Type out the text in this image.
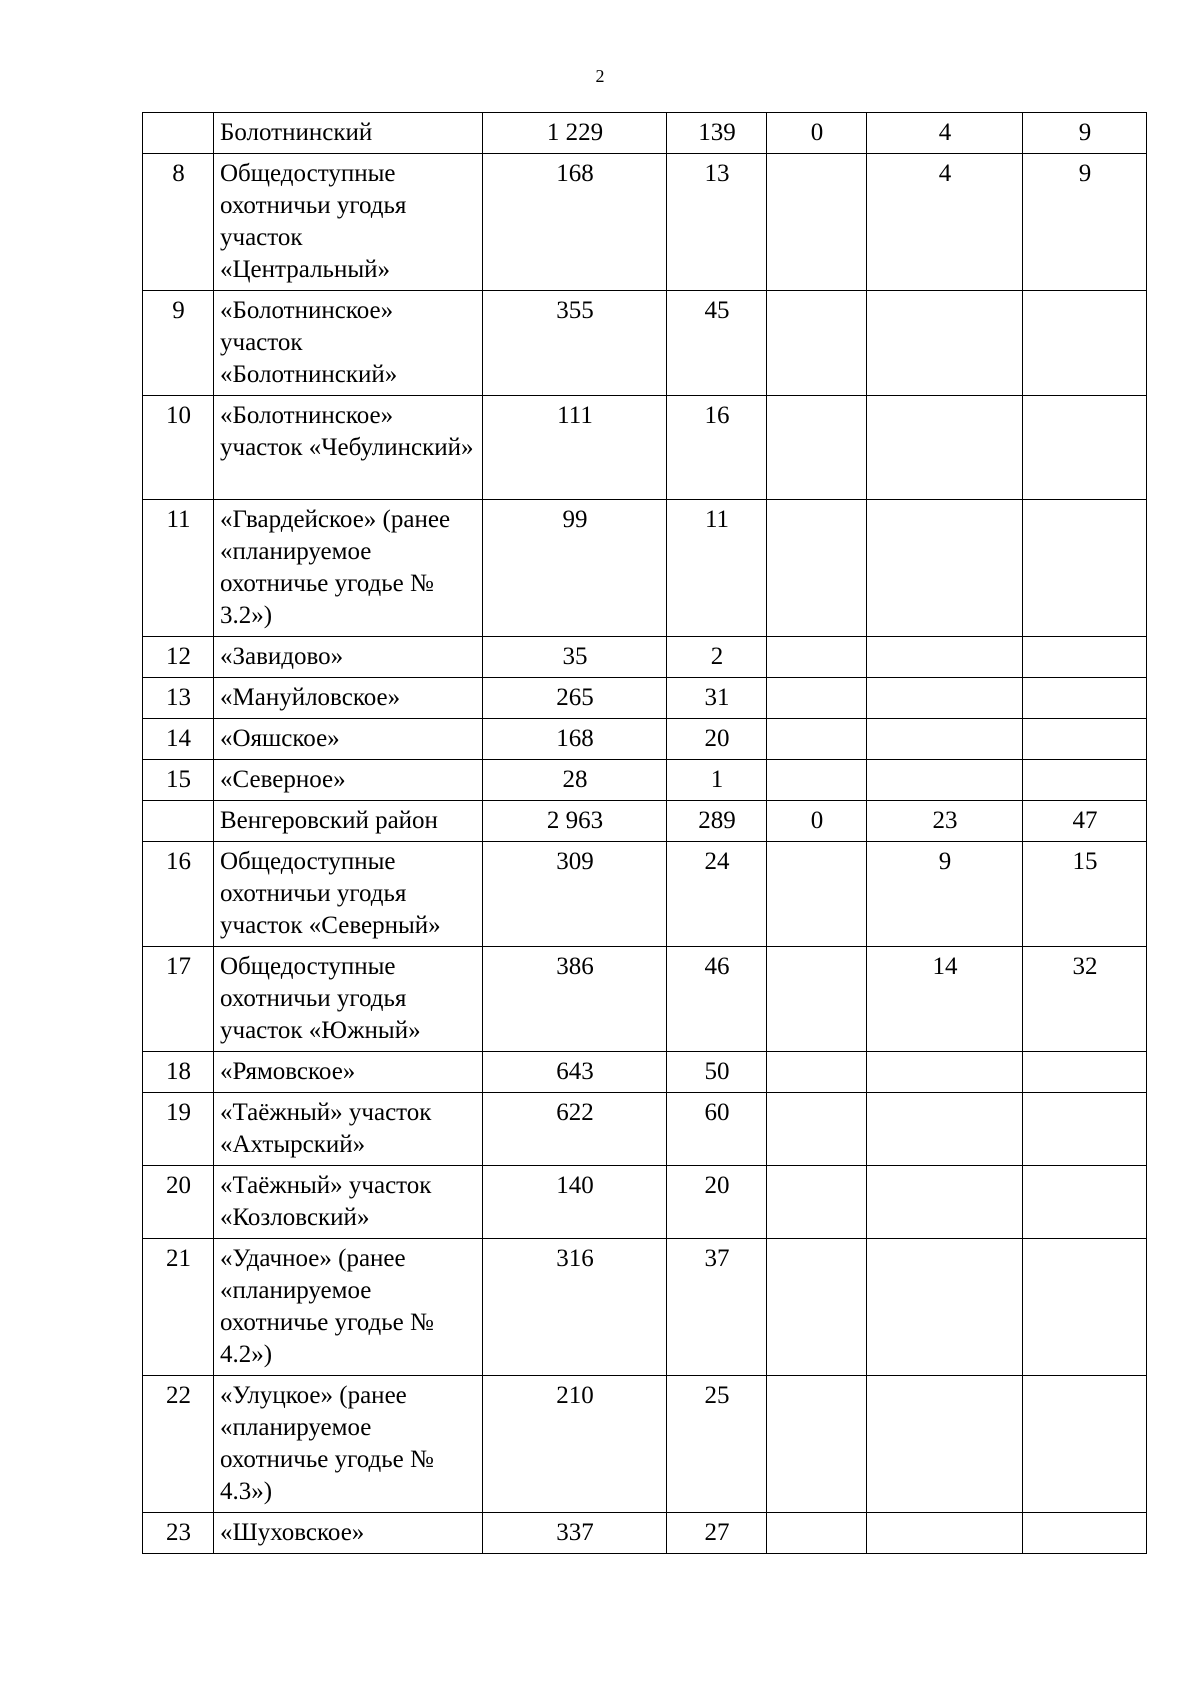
2
	Болотнинский	1 229	139	0	4	9
8	Общедоступные охотничьи угодья участок «Центральный»	168	13		4	9
9	«Болотнинское» участок «Болотнинский»	355	45			
10	«Болотнинское» участок «Чебулинский»	111	16			
11	«Гвардейское» (ранее «планируемое охотничье угодье № 3.2»)	99	11			
12	«Завидово»	35	2			
13	«Мануйловское»	265	31			
14	«Ояшское»	168	20			
15	«Северное»	28	1			
	Венгеровский район	2 963	289	0	23	47
16	Общедоступные охотничьи угодья участок «Северный»	309	24		9	15
17	Общедоступные охотничьи угодья участок «Южный»	386	46		14	32
18	«Рямовское»	643	50			
19	«Таёжный» участок «Ахтырский»	622	60			
20	«Таёжный» участок «Козловский»	140	20			
21	«Удачное» (ранее «планируемое охотничье угодье № 4.2»)	316	37			
22	«Улуцкое» (ранее «планируемое охотничье угодье № 4.3»)	210	25			
23	«Шуховское»	337	27			
